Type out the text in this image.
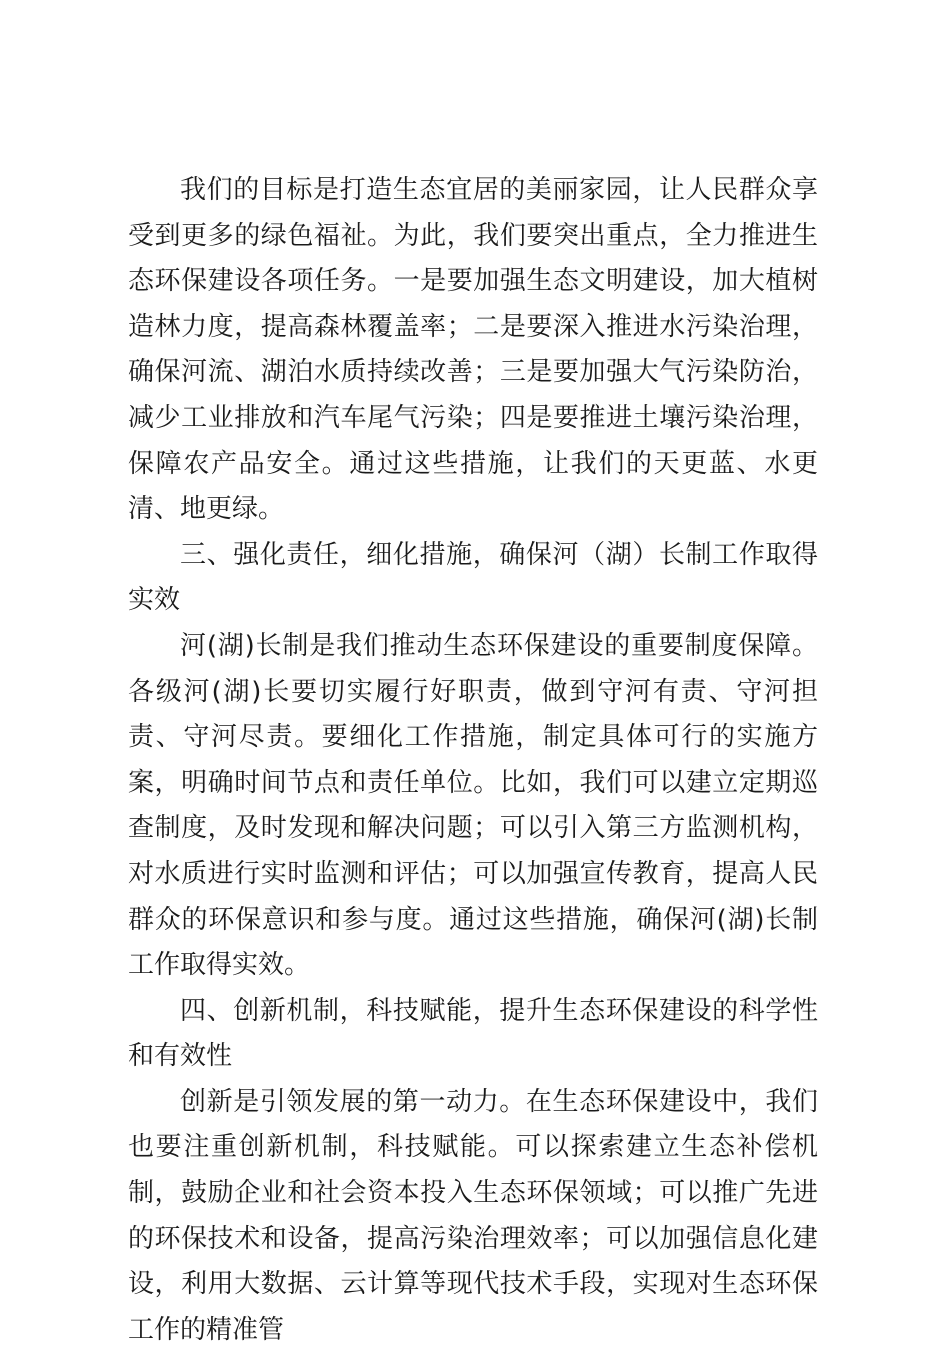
我们的目标是打造生态宜居的美丽家园，让人民群众享受到更多的绿色福祉。为此，我们要突出重点，全力推进生态环保建设各项任务。一是要加强生态文明建设，加大植树造林力度，提高森林覆盖率；二是要深入推进水污染治理，确保河流、湖泊水质持续改善；三是要加强大气污染防治，减少工业排放和汽车尾气污染；四是要推进土壤污染治理，保障农产品安全。通过这些措施，让我们的天更蓝、水更清、地更绿。

三、强化责任，细化措施，确保河（湖）长制工作取得实效

河(湖)长制是我们推动生态环保建设的重要制度保障。各级河(湖)长要切实履行好职责，做到守河有责、守河担责、守河尽责。要细化工作措施，制定具体可行的实施方案，明确时间节点和责任单位。比如，我们可以建立定期巡查制度，及时发现和解决问题；可以引入第三方监测机构，对水质进行实时监测和评估；可以加强宣传教育，提高人民群众的环保意识和参与度。通过这些措施，确保河(湖)长制工作取得实效。

四、创新机制，科技赋能，提升生态环保建设的科学性和有效性

创新是引领发展的第一动力。在生态环保建设中，我们也要注重创新机制，科技赋能。可以探索建立生态补偿机制，鼓励企业和社会资本投入生态环保领域；可以推广先进的环保技术和设备，提高污染治理效率；可以加强信息化建设，利用大数据、云计算等现代技术手段，实现对生态环保工作的精准管
